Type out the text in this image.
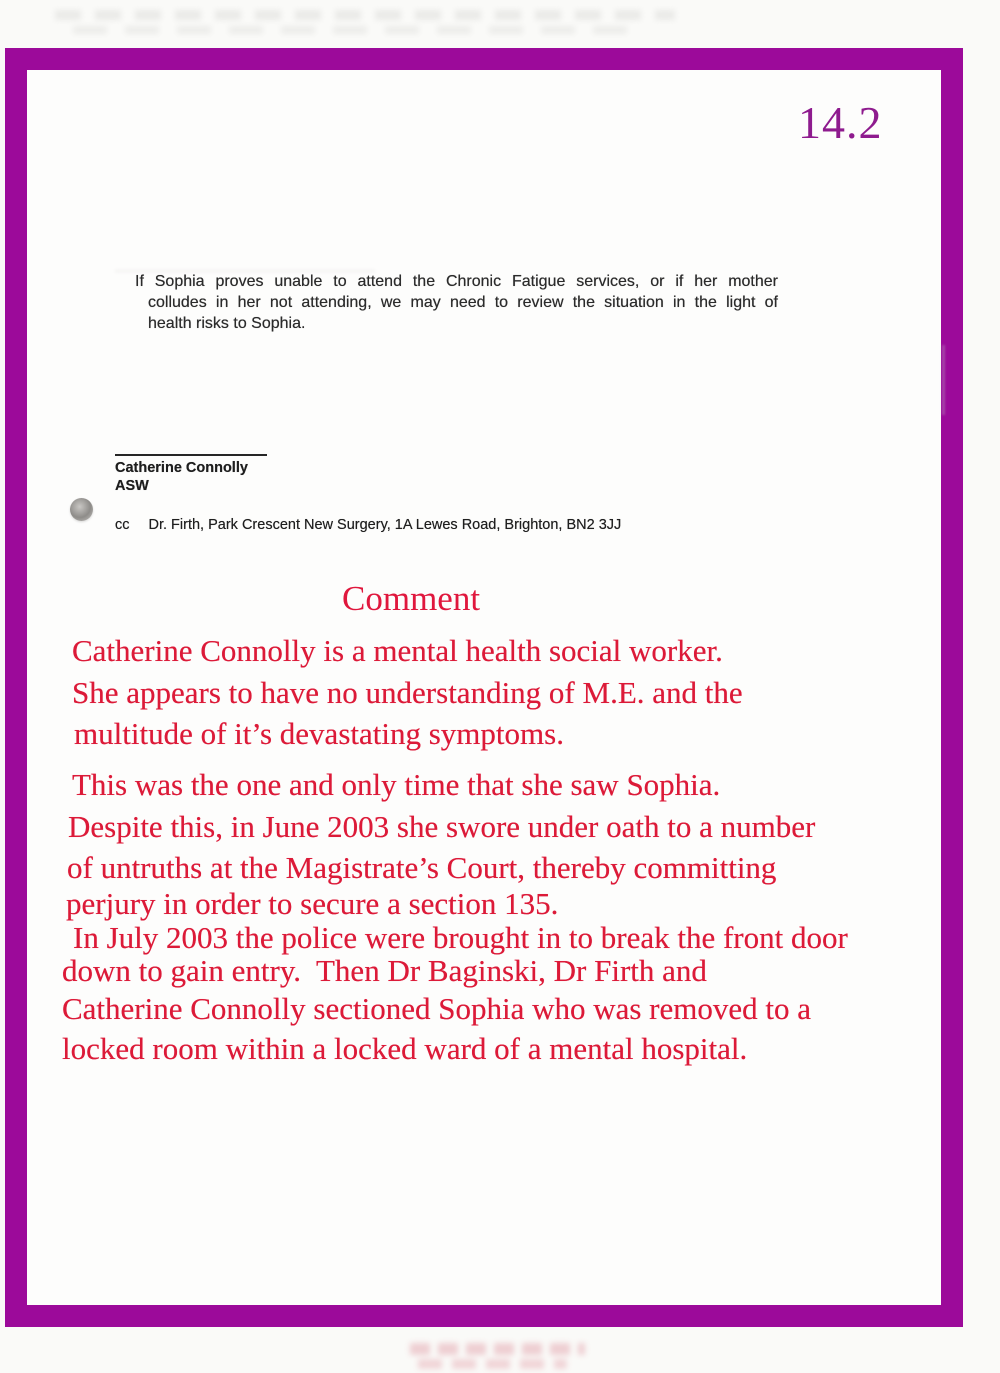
14.2
If Sophia proves unable to attend the Chronic Fatigue services, or if her mother
colludes in her not attending, we may need to review the situation in the light of
health risks to Sophia.
Catherine Connolly
ASW
cc Dr. Firth, Park Crescent New Surgery, 1A Lewes Road, Brighton, BN2 3JJ
Comment
Catherine Connolly is a mental health social worker.
She appears to have no understanding of M.E. and the
multitude of it’s devastating symptoms.
This was the one and only time that she saw Sophia.
Despite this, in June 2003 she swore under oath to a number
of untruths at the Magistrate’s Court, thereby committing
perjury in order to secure a section 135.
In July 2003 the police were brought in to break the front door
down to gain entry.  Then Dr Baginski, Dr Firth and
Catherine Connolly sectioned Sophia who was removed to a
locked room within a locked ward of a mental hospital.
